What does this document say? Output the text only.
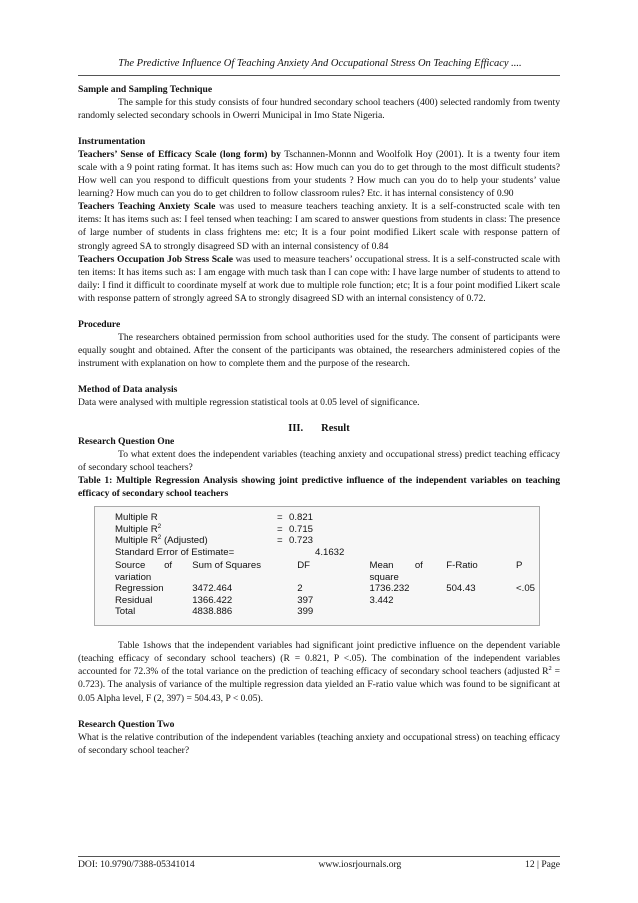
The Predictive Influence Of Teaching Anxiety And Occupational Stress On Teaching Efficacy ....

Sample and Sampling Technique

The sample for this study consists of four hundred secondary school teachers (400) selected randomly from twenty randomly selected secondary schools in Owerri Municipal in Imo State Nigeria.

Instrumentation

Teachers’ Sense of Efficacy Scale (long form) by Tschannen-Monnn and Woolfolk Hoy (2001). It is a twenty four item scale with a 9 point rating format. It has items such as: How much can you do to get through to the most difficult students? How well can you respond to difficult questions from your students ? How much can you do to help your students’ value learning? How much can you do to get children to follow classroom rules? Etc. it has internal consistency of 0.90

Teachers Teaching Anxiety Scale was used to measure teachers teaching anxiety. It is a self-constructed scale with ten items: It has items such as: I feel tensed when teaching: I am scared to answer questions from students in class: The presence of large number of students in class frightens me: etc; It is a four point modified Likert scale with response pattern of strongly agreed SA to strongly disagreed SD with an internal consistency of 0.84

Teachers Occupation Job Stress Scale was used to measure teachers’ occupational stress. It is a self-constructed scale with ten items: It has items such as: I am engage with much task than I can cope with: I have large number of students to attend to daily: I find it difficult to coordinate myself at work due to multiple role function; etc; It is a four point modified Likert scale with response pattern of strongly agreed SA to strongly disagreed SD with an internal consistency of 0.72.

Procedure

The researchers obtained permission from school authorities used for the study. The consent of participants were equally sought and obtained. After the consent of the participants was obtained, the researchers administered copies of the instrument with explanation on how to complete them and the purpose of the research.

Method of Data analysis

Data were analysed with multiple regression statistical tools at 0.05 level of significance.

III. Result

Research Question One

To what extent does the independent variables (teaching anxiety and occupational stress) predict teaching efficacy of secondary school teachers?

Table 1: Multiple Regression Analysis showing joint predictive influence of the independent variables on teaching efficacy of secondary school teachers

Multiple R	= 0.821
Multiple $R^2$	= 0.715
Multiple $R^2$ (Adjusted)	= 0.723
Standard Error of Estimate=	4.1632
Source of	Sum of Squares	DF	Mean of	F-Ratio	P
variation			square		
Regression	3472.464	2	1736.232	504.43	<.05
Residual	1366.422	397	3.442		
Total	4838.886	399			

Table 1shows that the independent variables had significant joint predictive influence on the dependent variable (teaching efficacy of secondary school teachers) (R = 0.821, P <.05). The combination of the independent variables accounted for 72.3% of the total variance on the prediction of teaching efficacy of secondary school teachers (adjusted $R^2 = 0.723$). The analysis of variance of the multiple regression data yielded an F-ratio value which was found to be significant at 0.05 Alpha level, F (2, 397) = 504.43, P < 0.05).

Research Question Two

What is the relative contribution of the independent variables (teaching anxiety and occupational stress) on teaching efficacy of secondary school teacher?

DOI: 10.9790/7388-05341014	www.iosrjournals.org	12 | Page
